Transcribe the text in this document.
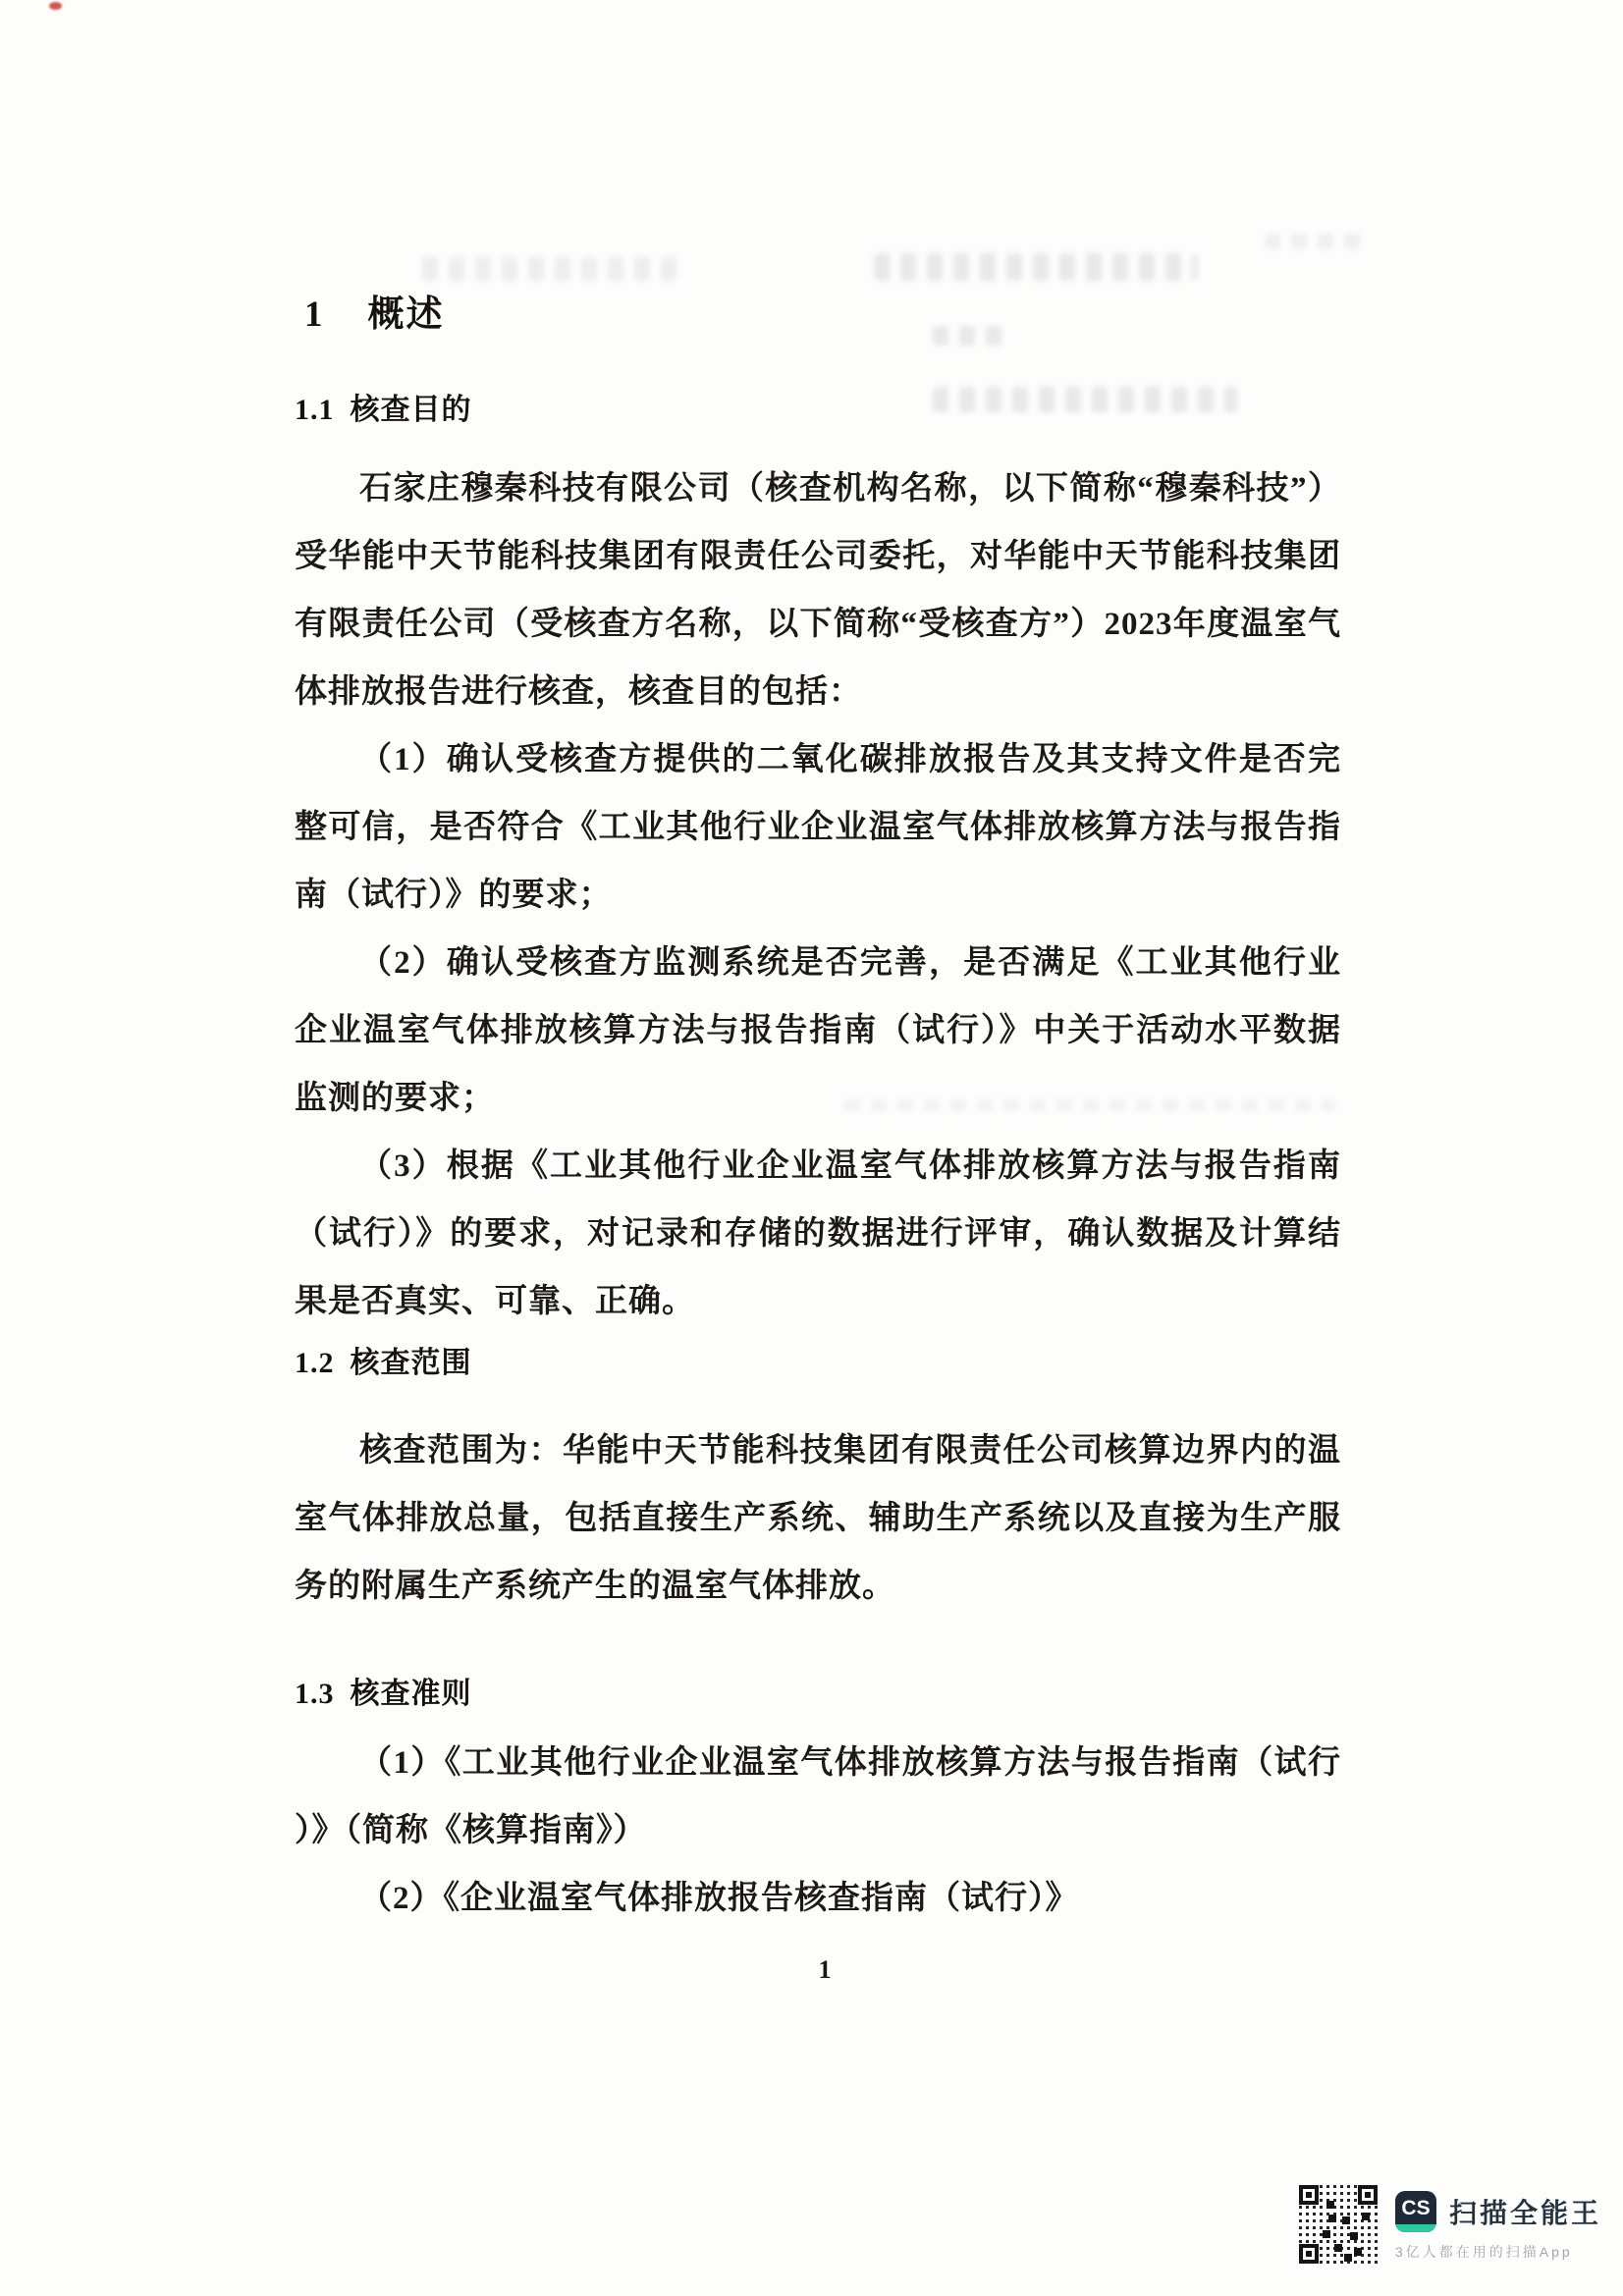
1 概述
1.1 核查目的

石家庄穆秦科技有限公司（核查机构名称，以下简称“穆秦科技”）受华能中天节能科技集团有限责任公司委托，对华能中天节能科技集团有限责任公司（受核查方名称，以下简称“受核查方”）2023年度温室气体排放报告进行核查，核查目的包括：

（1）确认受核查方提供的二氧化碳排放报告及其支持文件是否完整可信，是否符合《工业其他行业企业温室气体排放核算方法与报告指南（试行）》的要求；

（2）确认受核查方监测系统是否完善，是否满足《工业其他行业企业温室气体排放核算方法与报告指南（试行）》中关于活动水平数据监测的要求；

（3）根据《工业其他行业企业温室气体排放核算方法与报告指南（试行）》的要求，对记录和存储的数据进行评审，确认数据及计算结果是否真实、可靠、正确。

1.2 核查范围

核查范围为：华能中天节能科技集团有限责任公司核算边界内的温室气体排放总量，包括直接生产系统、辅助生产系统以及直接为生产服务的附属生产系统产生的温室气体排放。

1.3 核查准则

（1）《工业其他行业企业温室气体排放核算方法与报告指南（试行）》（简称《核算指南》）

（2）《企业温室气体排放报告核查指南（试行）》

1
CS 扫描全能王
3亿人都在用的扫描App
